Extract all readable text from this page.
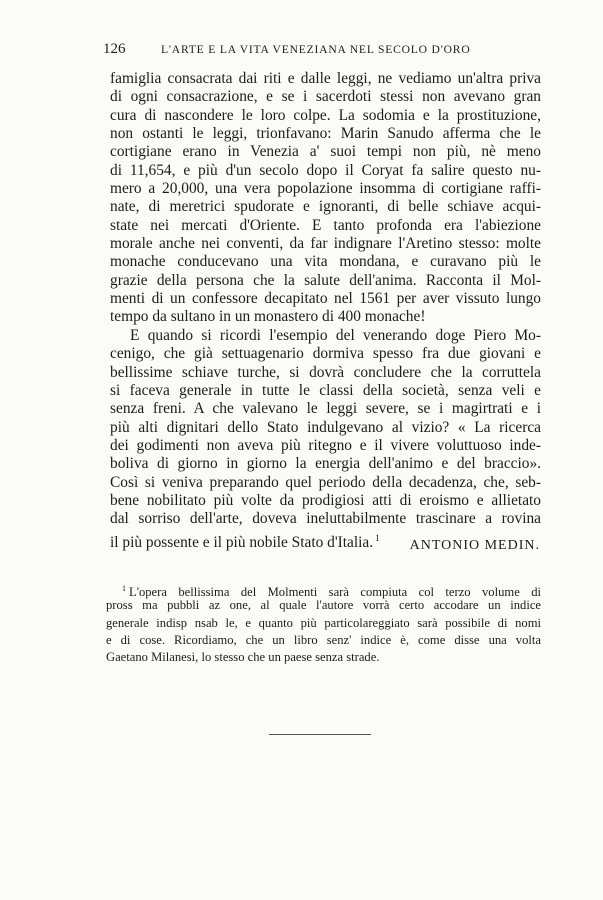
126	L'ARTE E LA VITA VENEZIANA NEL SECOLO D'ORO
famiglia consacrata dai riti e dalle leggi, ne vediamo un'altra priva
di ogni consacrazione, e se i sacerdoti stessi non avevano gran
cura di nascondere le loro colpe. La sodomia e la prostituzione,
non ostanti le leggi, trionfavano: Marin Sanudo afferma che le
cortigiane erano in Venezia a' suoi tempi non più, nè meno
di 11,654, e più d'un secolo dopo il Coryat fa salire questo nu-
mero a 20,000, una vera popolazione insomma di cortigiane raffi-
nate, di meretrici spudorate e ignoranti, di belle schiave acqui-
state nei mercati d'Oriente. E tanto profonda era l'abiezione
morale anche nei conventi, da far indignare l'Aretino stesso: molte
monache conducevano una vita mondana, e curavano più le
grazie della persona che la salute dell'anima. Racconta il Mol-
menti di un confessore decapitato nel 1561 per aver vissuto lungo
tempo da sultano in un monastero di 400 monache!
E quando si ricordi l'esempio del venerando doge Piero Mo-
cenigo, che già settuagenario dormiva spesso fra due giovani e
bellissime schiave turche, si dovrà concludere che la corruttela
si faceva generale in tutte le classi della società, senza veli e
senza freni. A che valevano le leggi severe, se i magirtrati e i
più alti dignitari dello Stato indulgevano al vizio? « La ricerca
dei godimenti non aveva più ritegno e il vivere voluttuoso inde-
boliva di giorno in giorno la energia dell'animo e del braccio».
Così si veniva preparando quel periodo della decadenza, che, seb-
bene nobilitato più volte da prodigiosi atti di eroismo e allietato
dal sorriso dell'arte, doveva ineluttabilmente trascinare a rovina
il più possente e il più nobile Stato d'Italia. $^1$
ANTONIO MEDIN.
$^1$ L'opera bellissima del Molmenti sarà compiuta col terzo volume di
pross ma pubbli az one, al quale l'autore vorrà certo accodare un indice
generale indisp nsab le, e quanto più particolareggiato sarà possibile di nomi
e di cose. Ricordiamo, che un libro senz' indice è, come disse una volta
Gaetano Milanesi, lo stesso che un paese senza strade.
